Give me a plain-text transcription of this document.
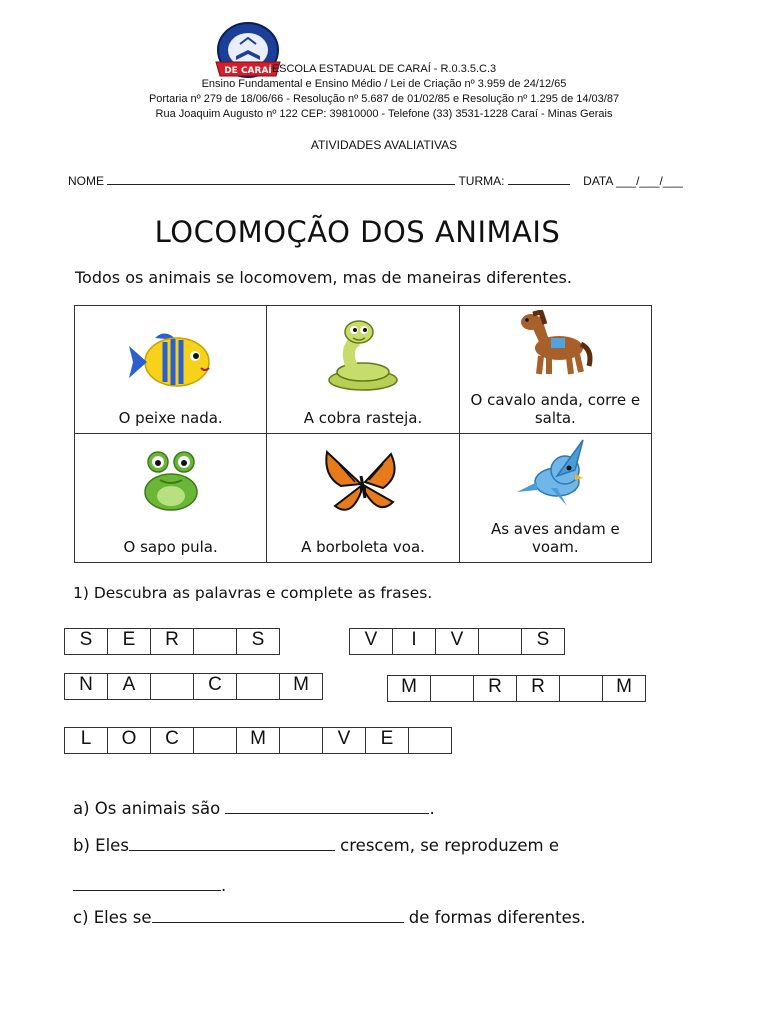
DE CARAÍ ESCOLA ESTADUAL DE CARAÍ - R.0.3.5.C.3
Ensino Fundamental e Ensino Médio / Lei de Criação nº 3.959 de 24/12/65
Portaria nº 279 de 18/06/66 - Resolução nº 5.687 de 01/02/85 e Resolução nº 1.295 de 14/03/87
Rua Joaquim Augusto nº 122 CEP: 39810000 - Telefone (33) 3531-1228 Caraí - Minas Gerais
ATIVIDADES AVALIATIVAS
NOME	TURMA:	DATA ___/___/___
LOCOMOÇÃO DOS ANIMAIS
Todos os animais se locomovem, mas de maneiras diferentes.
O peixe nada.	A cobra rasteja.	O cavalo anda, corre e salta.

O sapo pula.	A borboleta voa.	As aves andam e voam.
1) Descubra as palavras e complete as frases.
S	E	R	S	V	I	V	S
N	A	C	M	M	R	R	M
L	O	C	M	V	E
a) Os animais são	.
b) Eles	crescem, se reproduzem e
.
c) Eles se	de formas diferentes.
